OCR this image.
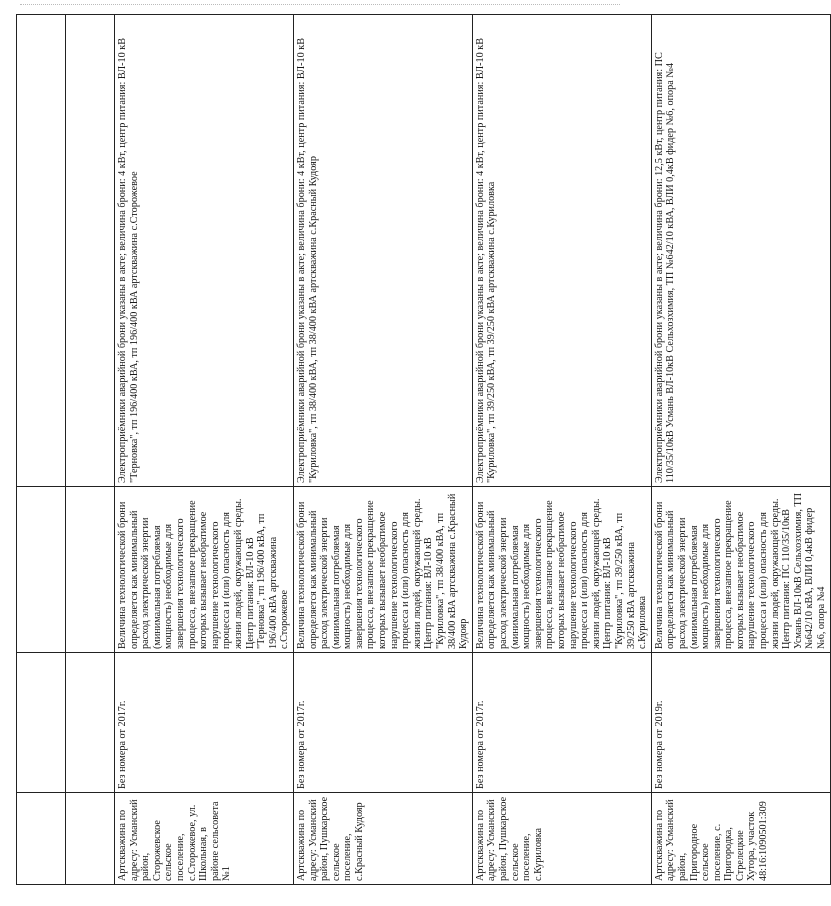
Артскважина по адресу: Усманский район, Сторожевское сельское поселение, с.Сторожевое, ул. Школьная, в районе сельсовета №1	Без номера от 2017г.	Величина технологической брони определяется как минимальный расход электрической энергии (минимальная потребляемая мощность) необходимые для завершения технологического процесса, внезапное прекращение которых вызывает необратимое нарушение технологического процесса и (или) опасность для жизни людей, окружающей среды. Центр питания: ВЛ-10 кВ "Терновка", тп 196/400 кВА, тп 196/400 кВА артскважина с.Сторожевое	Электроприёмники аварийной брони указаны в акте; величина брони: 4 кВт, центр питания: ВЛ-10 кВ "Терновка", тп 196/400 кВА, тп 196/400 кВА артскважина с.Сторожевое
Артскважина по адресу: Усманский район, Пушкарское сельское поселение, с.Красный Кудояр	Без номера от 2017г.	Величина технологической брони определяется как минимальный расход электрической энергии (минимальная потребляемая мощность) необходимые для завершения технологического процесса, внезапное прекращение которых вызывает необратимое нарушение технологического процесса и (или) опасность для жизни людей, окружающей среды. Центр питания: ВЛ-10 кВ "Куриловка", тп 38/400 кВА, тп 38/400 кВА артскважина с.Красный Кудояр	Электроприёмники аварийной брони указаны в акте; величина брони: 4 кВт, центр питания: ВЛ-10 кВ "Куриловка", тп 38/400 кВА, тп 38/400 кВА артскважина с.Красный Кудояр
Артскважина по адресу: Усманский район, Пушкарское сельское поселение, с.Куриловка	Без номера от 2017г.	Величина технологической брони определяется как минимальный расход электрической энергии (минимальная потребляемая мощность) необходимые для завершения технологического процесса, внезапное прекращение которых вызывает необратимое нарушение технологического процесса и (или) опасность для жизни людей, окружающей среды. Центр питания: ВЛ-10 кВ "Куриловка", тп 39/250 кВА, тп 39/250 кВА артскважина с.Куриловка	Электроприёмники аварийной брони указаны в акте; величина брони: 4 кВт, центр питания: ВЛ-10 кВ "Куриловка", тп 39/250 кВА, тп 39/250 кВА артскважина с.Куриловка
Артскважина по адресу: Усманский район, Пригородное сельское поселение, с. Пригородка, Стрелецкие Хутора, участок 48:16:1090501:309	Без номера от 2019г.	Величина технологической брони определяется как минимальный расход электрической энергии (минимальная потребляемая мощность) необходимые для завершения технологического процесса, внезапное прекращение которых вызывает необратимое нарушение технологического процесса и (или) опасность для жизни людей, окружающей среды. Центр питания: ПС 110/35/10кВ Усмань ВЛ-10кВ Сельхозхимия, ТП №642/10 кВА, ВЛИ 0,4кВ фидер №6, опора №4	Электроприёмники аварийной брони указаны в акте; величина брони: 12,5 кВт, центр питания: ПС 110/35/10кВ Усмань ВЛ-10кВ Сельхозхимия, ТП №642/10 кВА, ВЛИ 0,4кВ фидер №6, опора №4
